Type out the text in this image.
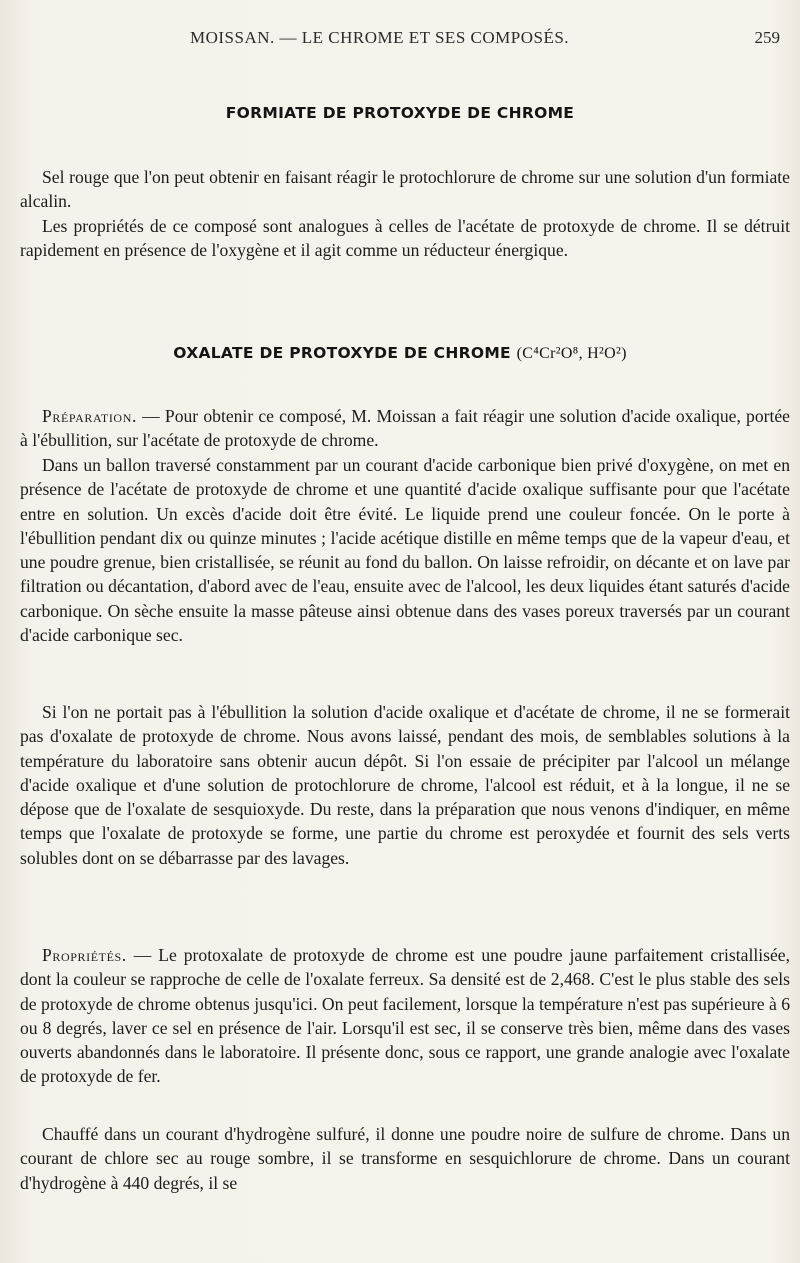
MOISSAN. — LE CHROME ET SES COMPOSÉS.	259
FORMIATE DE PROTOXYDE DE CHROME

Sel rouge que l'on peut obtenir en faisant réagir le protochlorure de chrome sur une solution d'un formiate alcalin.

Les propriétés de ce composé sont analogues à celles de l'acétate de protoxyde de chrome. Il se détruit rapidement en présence de l'oxygène et il agit comme un réducteur énergique.

OXALATE DE PROTOXYDE DE CHROME (C⁴Cr²O⁸, H²O²)

Préparation. — Pour obtenir ce composé, M. Moissan a fait réagir une solution d'acide oxalique, portée à l'ébullition, sur l'acétate de protoxyde de chrome.

Dans un ballon traversé constamment par un courant d'acide carbonique bien privé d'oxygène, on met en présence de l'acétate de protoxyde de chrome et une quantité d'acide oxalique suffisante pour que l'acétate entre en solution. Un excès d'acide doit être évité. Le liquide prend une couleur foncée. On le porte à l'ébullition pendant dix ou quinze minutes ; l'acide acétique distille en même temps que de la vapeur d'eau, et une poudre grenue, bien cristallisée, se réunit au fond du ballon. On laisse refroidir, on décante et on lave par filtration ou décantation, d'abord avec de l'eau, ensuite avec de l'alcool, les deux liquides étant saturés d'acide carbonique. On sèche ensuite la masse pâteuse ainsi obtenue dans des vases poreux traversés par un courant d'acide carbonique sec.

Si l'on ne portait pas à l'ébullition la solution d'acide oxalique et d'acétate de chrome, il ne se formerait pas d'oxalate de protoxyde de chrome. Nous avons laissé, pendant des mois, de semblables solutions à la température du laboratoire sans obtenir aucun dépôt. Si l'on essaie de précipiter par l'alcool un mélange d'acide oxalique et d'une solution de protochlorure de chrome, l'alcool est réduit, et à la longue, il ne se dépose que de l'oxalate de sesquioxyde. Du reste, dans la préparation que nous venons d'indiquer, en même temps que l'oxalate de protoxyde se forme, une partie du chrome est peroxydée et fournit des sels verts solubles dont on se débarrasse par des lavages.

Propriétés. — Le protoxalate de protoxyde de chrome est une poudre jaune parfaitement cristallisée, dont la couleur se rapproche de celle de l'oxalate ferreux. Sa densité est de 2,468. C'est le plus stable des sels de protoxyde de chrome obtenus jusqu'ici. On peut facilement, lorsque la température n'est pas supérieure à 6 ou 8 degrés, laver ce sel en présence de l'air. Lorsqu'il est sec, il se conserve très bien, même dans des vases ouverts abandonnés dans le laboratoire. Il présente donc, sous ce rapport, une grande analogie avec l'oxalate de protoxyde de fer.

Chauffé dans un courant d'hydrogène sulfuré, il donne une poudre noire de sulfure de chrome. Dans un courant de chlore sec au rouge sombre, il se transforme en sesquichlorure de chrome. Dans un courant d'hydrogène à 440 degrés, il se
